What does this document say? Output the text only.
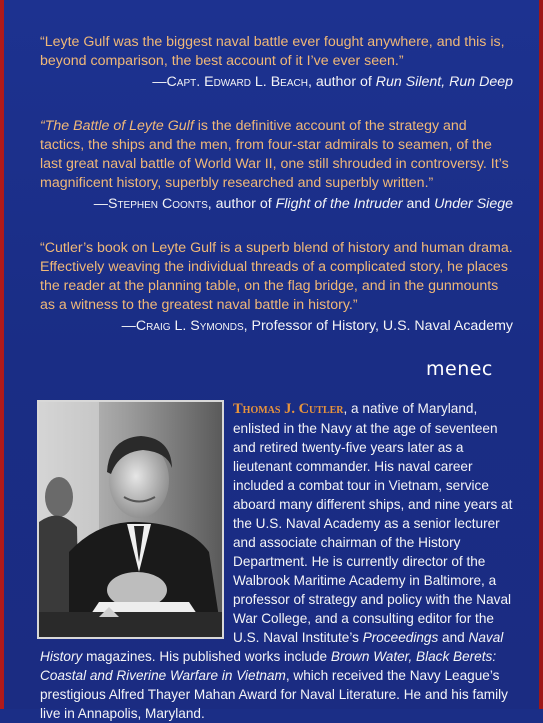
“Leyte Gulf was the biggest naval battle ever fought anywhere, and this is, beyond comparison, the best account of it I’ve ever seen.”
—Capt. Edward L. Beach, author of Run Silent, Run Deep
“The Battle of Leyte Gulf is the definitive account of the strategy and tactics, the ships and the men, from four-star admirals to seamen, of the last great naval battle of World War II, one still shrouded in controversy. It’s magnificent history, superbly researched and superbly written.”
—Stephen Coonts, author of Flight of the Intruder and Under Siege
“Cutler’s book on Leyte Gulf is a superb blend of history and human drama. Effectively weaving the individual threads of a complicated story, he places the reader at the planning table, on the flag bridge, and in the gunmounts as a witness to the greatest naval battle in history.”
—Craig L. Symonds, Professor of History, U.S. Naval Academy
menec
Thomas J. Cutler, a native of Maryland, enlisted in the Navy at the age of seventeen and retired twenty-five years later as a lieutenant commander. His naval career included a combat tour in Vietnam, service aboard many different ships, and nine years at the U.S. Naval Academy as a senior lecturer and associate chairman of the History Department. He is currently director of the Walbrook Maritime Academy in Baltimore, a professor of strategy and policy with the Naval War College, and a consulting editor for the U.S. Naval Institute’s Proceedings and Naval History magazines. His published works include Brown Water, Black Berets: Coastal and Riverine Warfare in Vietnam, which received the Navy League’s prestigious Alfred Thayer Mahan Award for Naval Literature. He and his family live in Annapolis, Maryland.
